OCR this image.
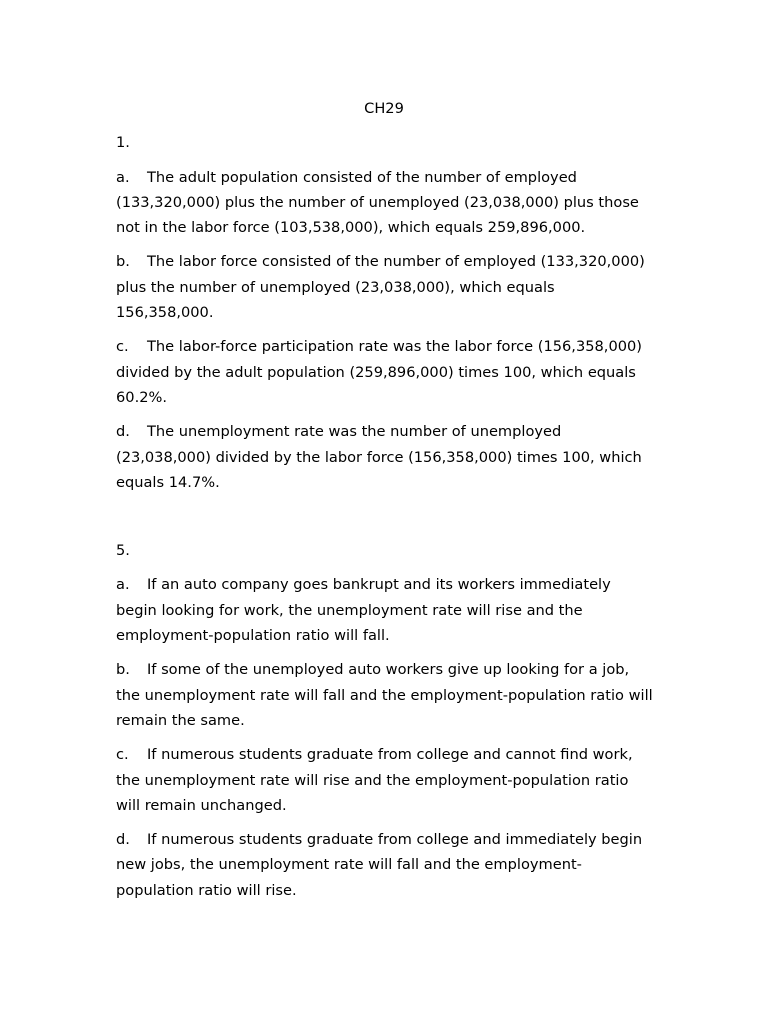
CH29
1.
a. The adult population consisted of the number of employed (133,320,000) plus the number of unemployed (23,038,000) plus those not in the labor force (103,538,000), which equals 259,896,000.
b. The labor force consisted of the number of employed (133,320,000) plus the number of unemployed (23,038,000), which equals 156,358,000.
c. The labor-force participation rate was the labor force (156,358,000) divided by the adult population (259,896,000) times 100, which equals 60.2%.
d. The unemployment rate was the number of unemployed (23,038,000) divided by the labor force (156,358,000) times 100, which equals 14.7%.
5.
a. If an auto company goes bankrupt and its workers immediately begin looking for work, the unemployment rate will rise and the employment-population ratio will fall.
b. If some of the unemployed auto workers give up looking for a job, the unemployment rate will fall and the employment-population ratio will remain the same.
c. If numerous students graduate from college and cannot find work, the unemployment rate will rise and the employment-population ratio will remain unchanged.
d. If numerous students graduate from college and immediately begin new jobs, the unemployment rate will fall and the employment-population ratio will rise.
